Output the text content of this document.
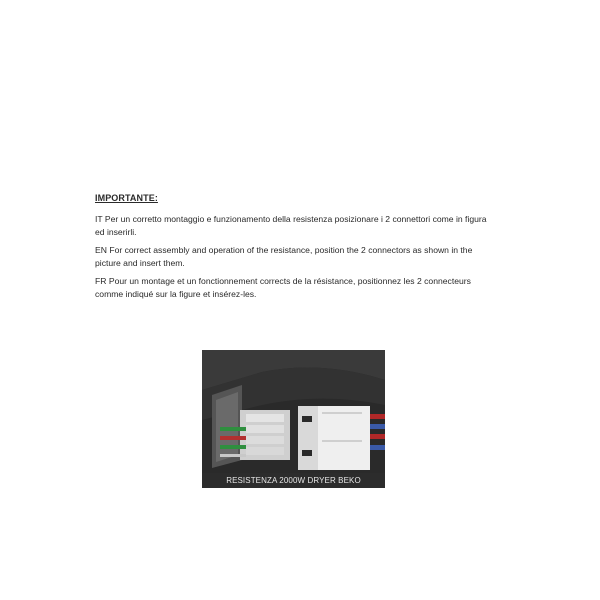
IMPORTANTE:

IT Per un corretto montaggio e funzionamento della resistenza posizionare i 2 connettori come in figura ed inserirli.

EN For correct assembly and operation of the resistance, position the 2 connectors as shown in the picture and insert them.

FR Pour un montage et un fonctionnement corrects de la résistance, positionnez les 2 connecteurs comme indiqué sur la figure et insérez-les.

RESISTENZA 2000W DRYER BEKO
